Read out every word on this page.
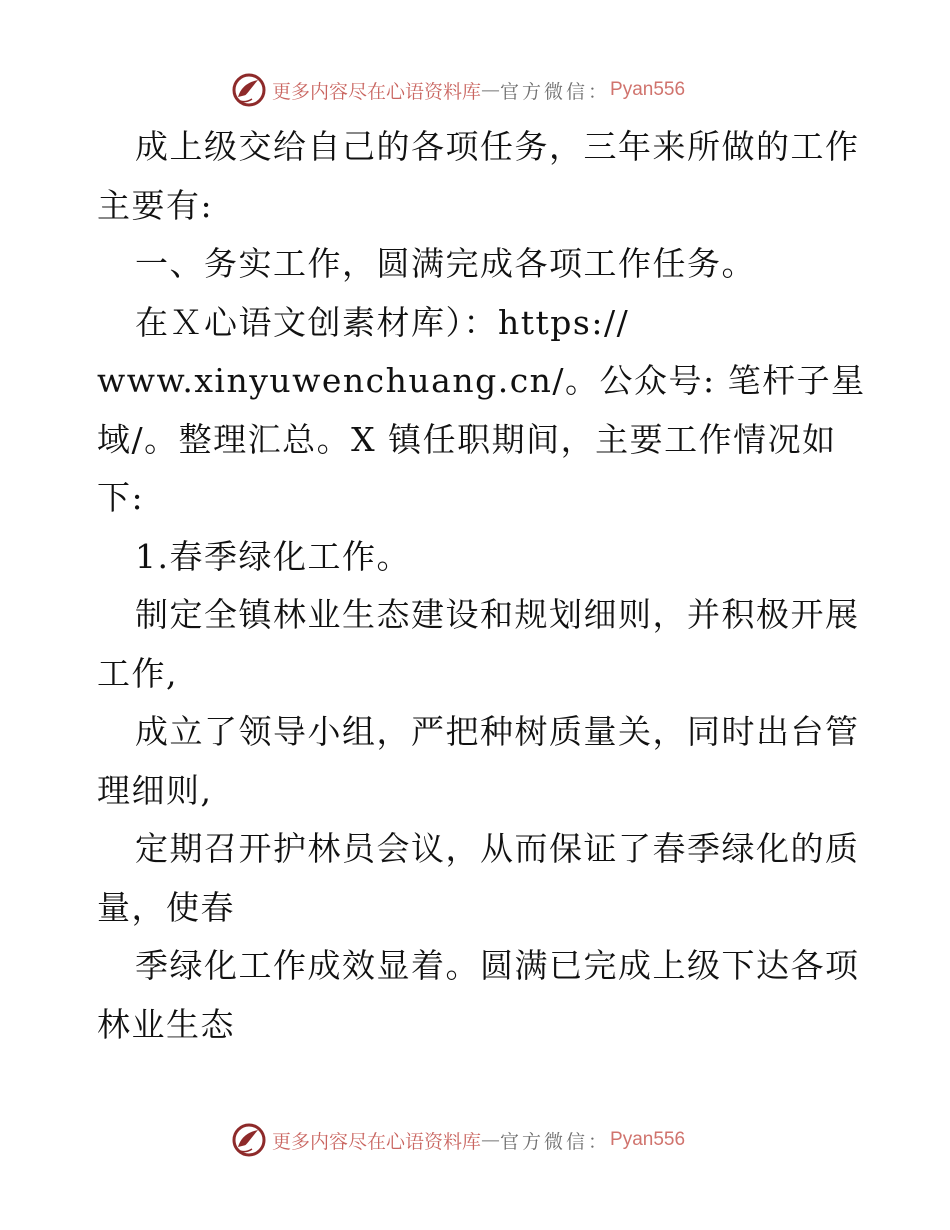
更多内容尽在心语资料库 — 官方微信： Pyan556
成上级交给自己的各项任务，三年来所做的工作
主要有:
一、务实工作，圆满完成各项工作任务。
在Ｘ心语文创素材库）：https://
www.xinyuwenchuang.cn/。公众号: 笔杆子星
域/。整理汇总。X 镇任职期间，主要工作情况如
下:
1.春季绿化工作。
制定全镇林业生态建设和规划细则，并积极开展
工作,
成立了领导小组，严把种树质量关，同时出台管
理细则,
定期召开护林员会议，从而保证了春季绿化的质
量，使春
季绿化工作成效显着。圆满已完成上级下达各项
林业生态
更多内容尽在心语资料库 — 官方微信： Pyan556
